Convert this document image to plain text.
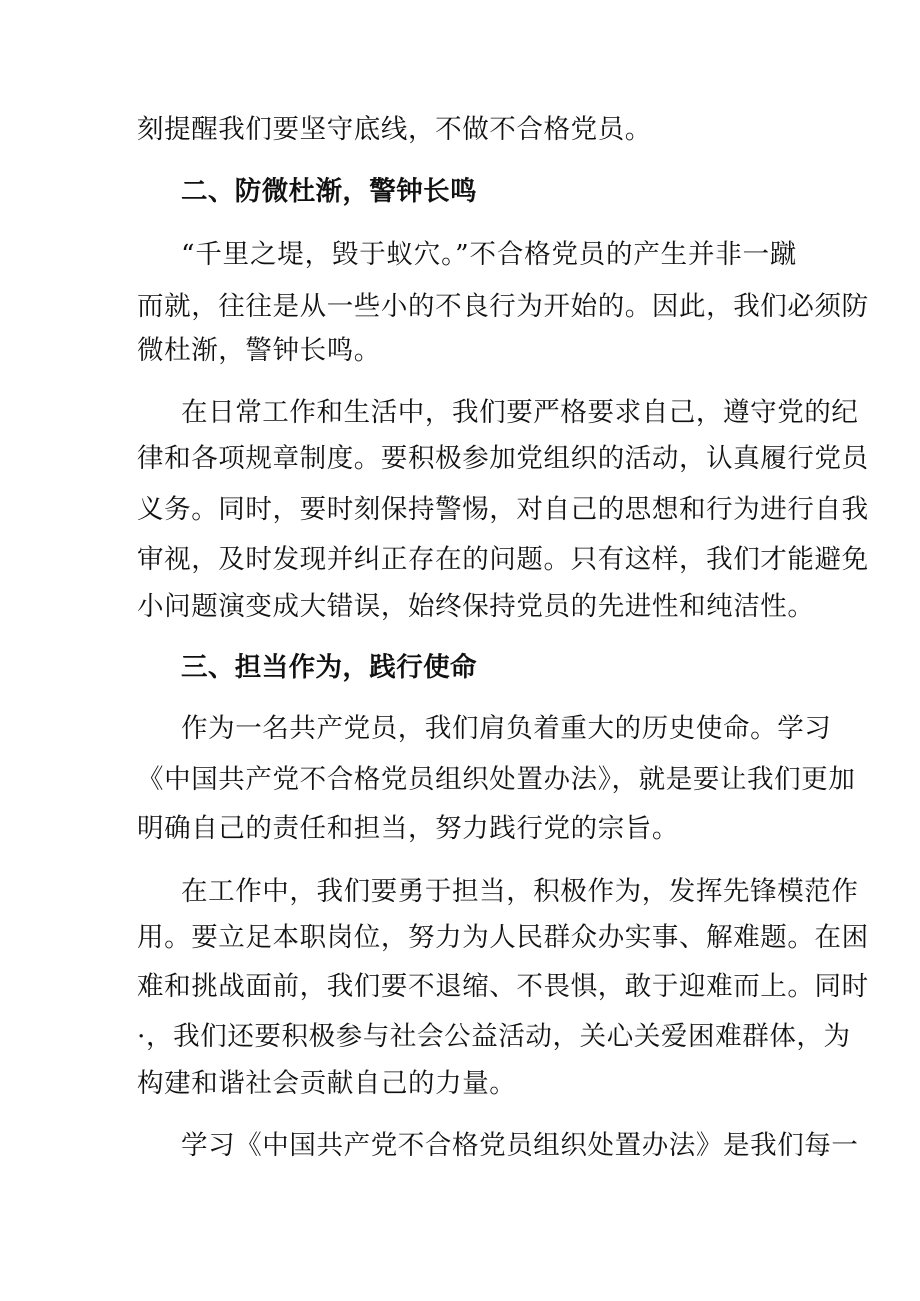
刻提醒我们要坚守底线，不做不合格党员。
二、防微杜渐，警钟长鸣
“千里之堤，毁于蚁穴。”不合格党员的产生并非一蹴
而就，往往是从一些小的不良行为开始的。因此，我们必须防
微杜渐，警钟长鸣。
在日常工作和生活中，我们要严格要求自己，遵守党的纪
律和各项规章制度。要积极参加党组织的活动，认真履行党员
义务。同时，要时刻保持警惕，对自己的思想和行为进行自我
审视，及时发现并纠正存在的问题。只有这样，我们才能避免
小问题演变成大错误，始终保持党员的先进性和纯洁性。
三、担当作为，践行使命
作为一名共产党员，我们肩负着重大的历史使命。学习
《中国共产党不合格党员组织处置办法》，就是要让我们更加
明确自己的责任和担当，努力践行党的宗旨。
在工作中，我们要勇于担当，积极作为，发挥先锋模范作
用。要立足本职岗位，努力为人民群众办实事、解难题。在困
难和挑战面前，我们要不退缩、不畏惧，敢于迎难而上。同时
·，我们还要积极参与社会公益活动，关心关爱困难群体，为
构建和谐社会贡献自己的力量。
学习《中国共产党不合格党员组织处置办法》是我们每一
